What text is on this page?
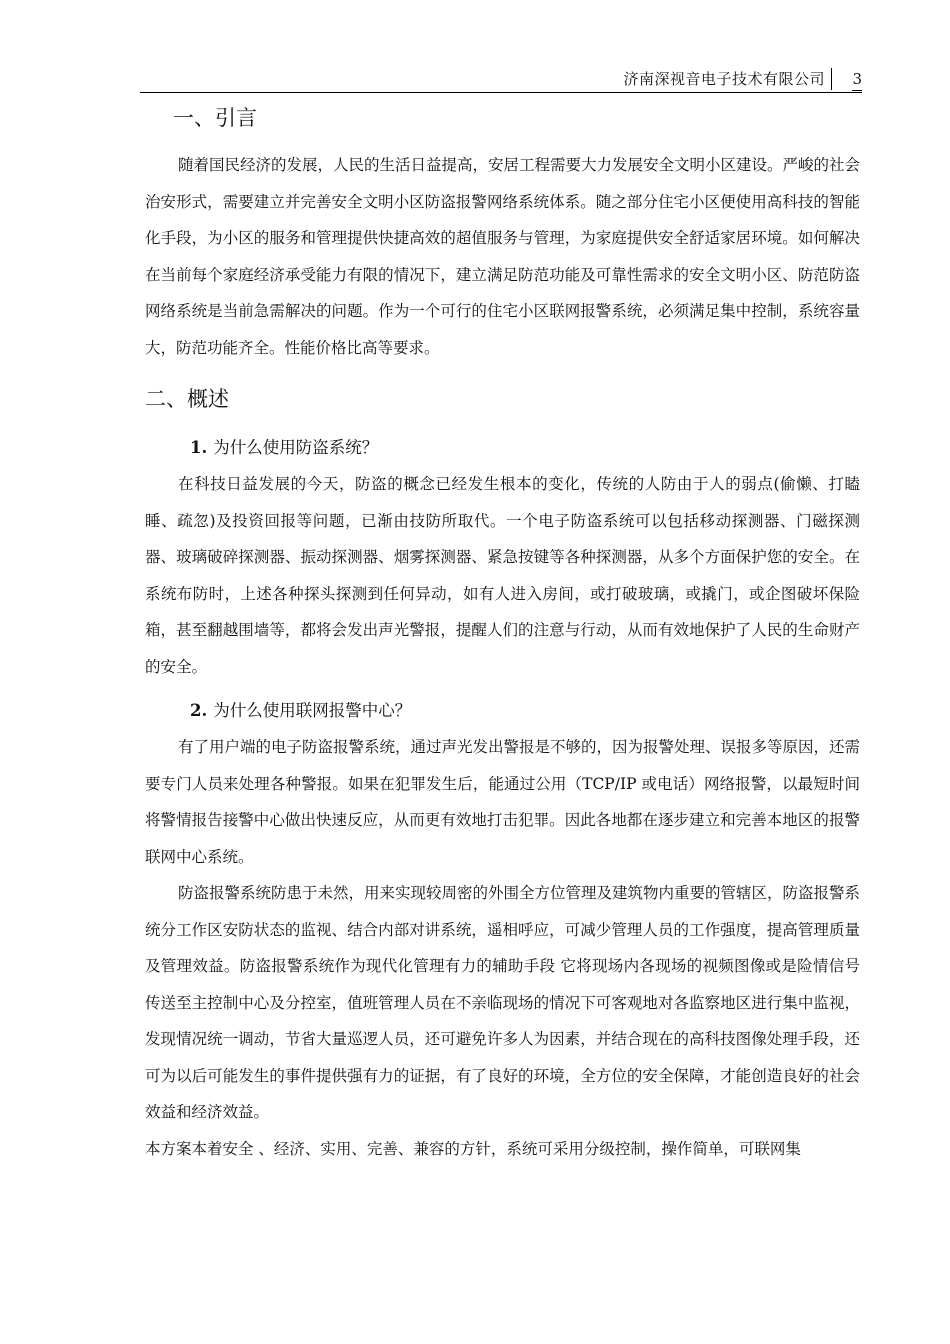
济南深视音电子技术有限公司	3
一、引言

随着国民经济的发展，人民的生活日益提高，安居工程需要大力发展安全文明小区建设。严峻的社会治安形式，需要建立并完善安全文明小区防盗报警网络系统体系。随之部分住宅小区便使用高科技的智能化手段，为小区的服务和管理提供快捷高效的超值服务与管理，为家庭提供安全舒适家居环境。如何解决在当前每个家庭经济承受能力有限的情况下，建立满足防范功能及可靠性需求的安全文明小区、防范防盗网络系统是当前急需解决的问题。作为一个可行的住宅小区联网报警系统，必须满足集中控制，系统容量大，防范功能齐全。性能价格比高等要求。

二、概述
1. 为什么使用防盗系统？

在科技日益发展的今天，防盗的概念已经发生根本的变化，传统的人防由于人的弱点(偷懒、打瞌睡、疏忽)及投资回报等问题，已渐由技防所取代。一个电子防盗系统可以包括移动探测器、门磁探测器、玻璃破碎探测器、振动探测器、烟雾探测器、紧急按键等各种探测器，从多个方面保护您的安全。在系统布防时，上述各种探头探测到任何异动，如有人进入房间，或打破玻璃，或撬门，或企图破坏保险箱，甚至翻越围墙等，都将会发出声光警报，提醒人们的注意与行动，从而有效地保护了人民的生命财产的安全。

2. 为什么使用联网报警中心？

有了用户端的电子防盗报警系统，通过声光发出警报是不够的，因为报警处理、误报多等原因，还需要专门人员来处理各种警报。如果在犯罪发生后，能通过公用（TCP/IP 或电话）网络报警，以最短时间将警情报告接警中心做出快速反应，从而更有效地打击犯罪。因此各地都在逐步建立和完善本地区的报警联网中心系统。

防盗报警系统防患于未然，用来实现较周密的外围全方位管理及建筑物内重要的管辖区，防盗报警系统分工作区安防状态的监视、结合内部对讲系统，遥相呼应，可减少管理人员的工作强度，提高管理质量及管理效益。防盗报警系统作为现代化管理有力的辅助手段 它将现场内各现场的视频图像或是险情信号传送至主控制中心及分控室，值班管理人员在不亲临现场的情况下可客观地对各监察地区进行集中监视，发现情况统一调动，节省大量巡逻人员，还可避免许多人为因素，并结合现在的高科技图像处理手段，还可为以后可能发生的事件提供强有力的证据，有了良好的环境，全方位的安全保障，才能创造良好的社会效益和经济效益。

本方案本着安全 、经济、实用、完善、兼容的方针，系统可采用分级控制，操作简单，可联网集
